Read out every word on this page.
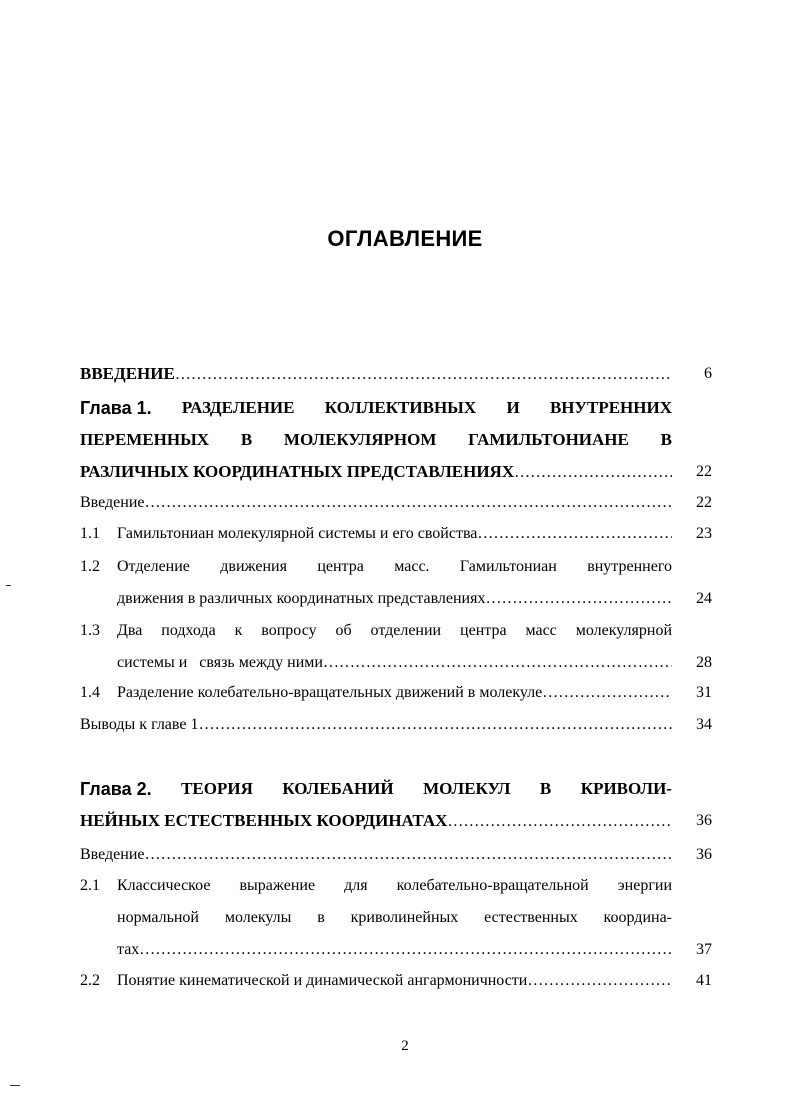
ОГЛАВЛЕНИЕ
ВВЕДЕНИЕ …………………………………………………………………………………………………………………………	6
Глава 1. РАЗДЕЛЕНИЕ КОЛЛЕКТИВНЫХ И ВНУТРЕННИХ
ПЕРЕМЕННЫХ В МОЛЕКУЛЯРНОМ ГАМИЛЬТОНИАНЕ В
РАЗЛИЧНЫХ КООРДИНАТНЫХ ПРЕДСТАВЛЕНИЯХ …………………………………………………………………………………………………………………………	22
Введение …………………………………………………………………………………………………………………………	22
1.1 Гамильтониан молекулярной системы и его свойства …………………………………………………………………………………………………………………………	23
1.2	Отделение движения центра масс. Гамильтониан внутреннего
движения в различных координатных представлениях …………………………………………………………………………………………………………………………	24
1.3	Два подхода к вопросу об отделении центра масс молекулярной
системы и   связь между ними …………………………………………………………………………………………………………………………	28
1.4 Разделение колебательно-вращательных движений в молекуле …………………………………………………………………………………………………………………………	31
Выводы к главе 1 …………………………………………………………………………………………………………………………	34
Глава 2. ТЕОРИЯ КОЛЕБАНИЙ МОЛЕКУЛ В КРИВОЛИ-
НЕЙНЫХ ЕСТЕСТВЕННЫХ КООРДИНАТАХ …………………………………………………………………………………………………………………………	36
Введение …………………………………………………………………………………………………………………………	36
2.1	Классическое выражение для колебательно-вращательной энергии
нормальной молекулы в криволинейных естественных координа-
тах …………………………………………………………………………………………………………………………	37
2.2 Понятие кинематической и динамической ангармоничности …………………………………………………………………………………………………………………………	41
2
